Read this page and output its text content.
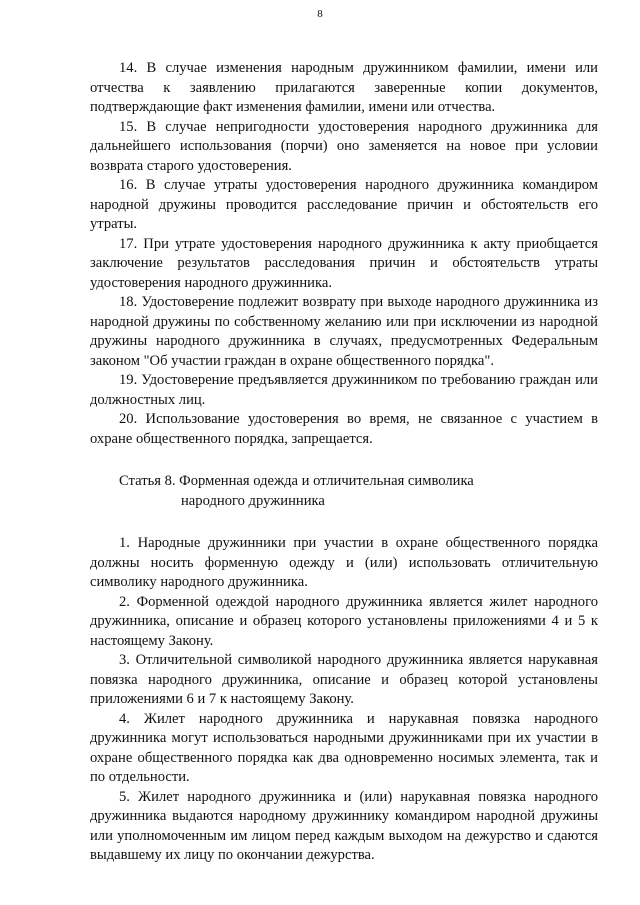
8

14. В случае изменения народным дружинником фамилии, имени или отчества к заявлению прилагаются заверенные копии документов, подтверждающие факт изменения фамилии, имени или отчества.

15. В случае непригодности удостоверения народного дружинника для дальнейшего использования (порчи) оно заменяется на новое при условии возврата старого удостоверения.

16. В случае утраты удостоверения народного дружинника командиром народной дружины проводится расследование причин и обстоятельств его утраты.

17. При утрате удостоверения народного дружинника к акту приобщается заключение результатов расследования причин и обстоятельств утраты удостоверения народного дружинника.

18. Удостоверение подлежит возврату при выходе народного дружинника из народной дружины по собственному желанию или при исключении из народной дружины народного дружинника в случаях, предусмотренных Федеральным законом "Об участии граждан в охране общественного порядка".

19. Удостоверение предъявляется дружинником по требованию граждан или должностных лиц.

20. Использование удостоверения во время, не связанное с участием в охране общественного порядка, запрещается.

Статья 8. Форменная одежда и отличительная символика
народного дружинника

1. Народные дружинники при участии в охране общественного порядка должны носить форменную одежду и (или) использовать отличительную символику народного дружинника.

2. Форменной одеждой народного дружинника является жилет народного дружинника, описание и образец которого установлены приложениями 4 и 5 к настоящему Закону.

3. Отличительной символикой народного дружинника является нарукавная повязка народного дружинника, описание и образец которой установлены приложениями 6 и 7 к настоящему Закону.

4. Жилет народного дружинника и нарукавная повязка народного дружинника могут использоваться народными дружинниками при их участии в охране общественного порядка как два одновременно носимых элемента, так и по отдельности.

5. Жилет народного дружинника и (или) нарукавная повязка народного дружинника выдаются народному дружиннику командиром народной дружины или уполномоченным им лицом перед каждым выходом на дежурство и сдаются выдавшему их лицу по окончании дежурства.
